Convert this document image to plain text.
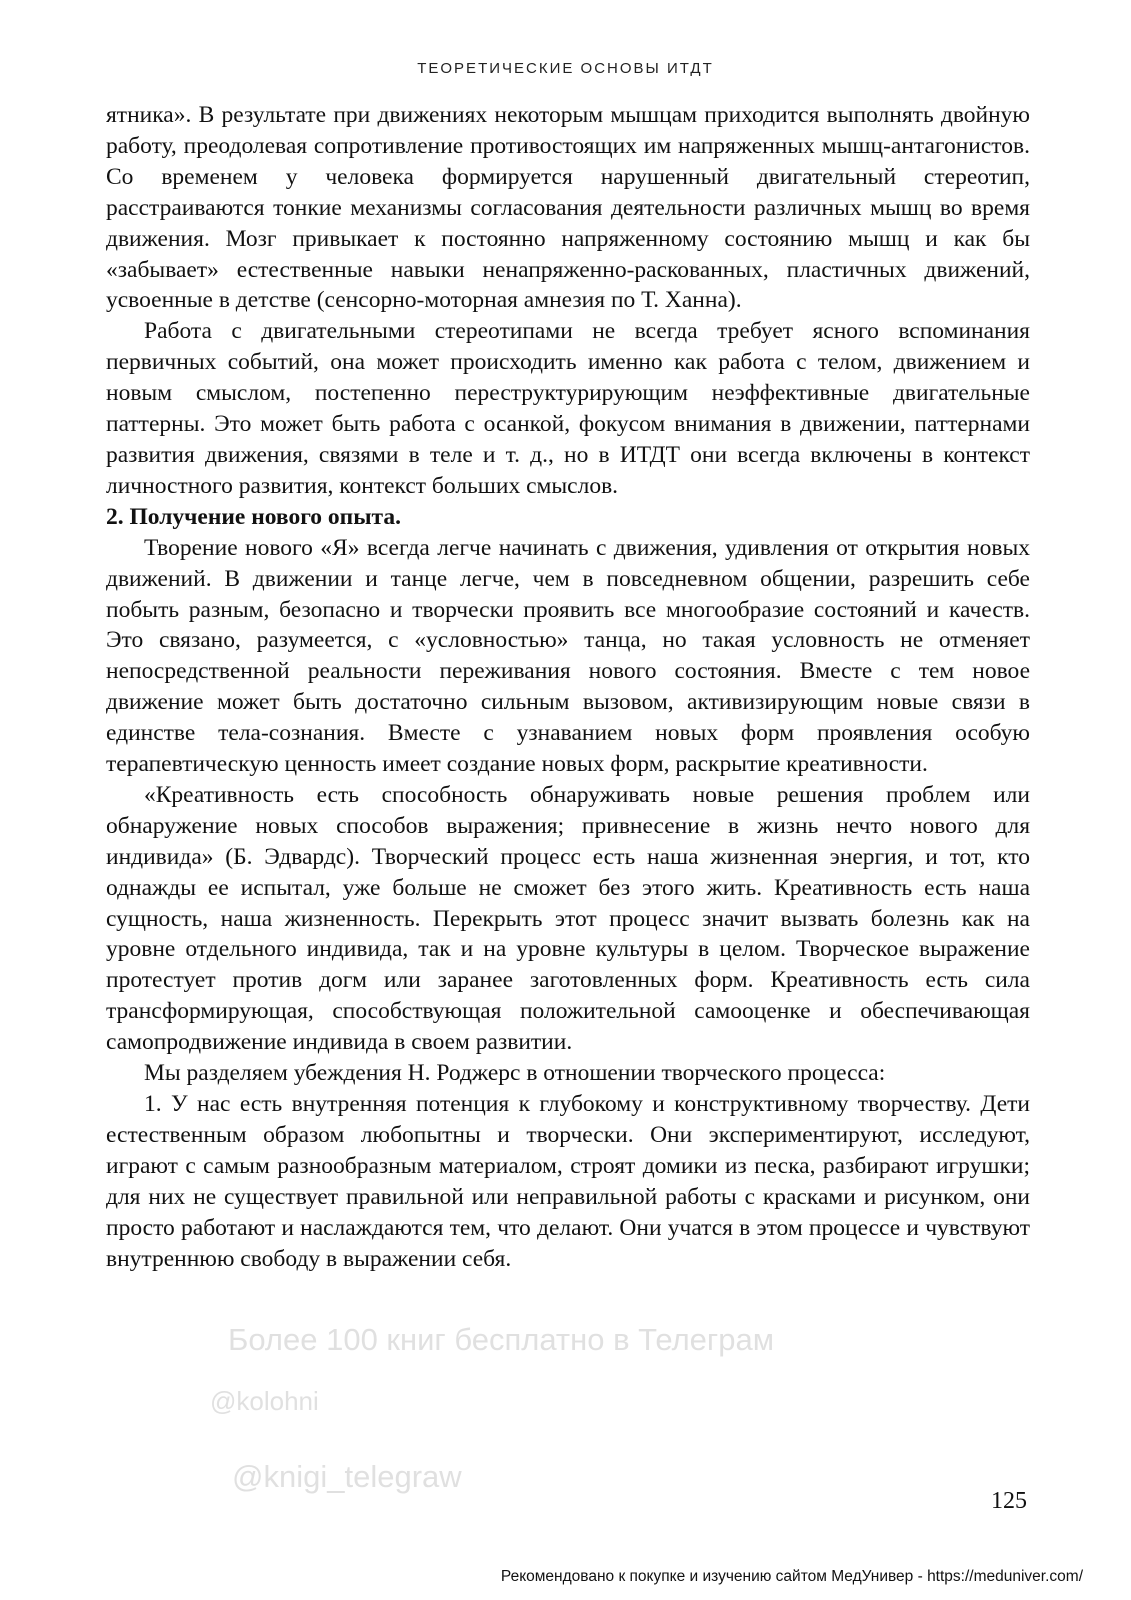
ТЕОРЕТИЧЕСКИЕ ОСНОВЫ ИТДТ

ятника». В результате при движениях некоторым мышцам приходится выполнять двойную работу, преодолевая сопротивление противостоящих им напряженных мышц-антагонистов. Со временем у человека формируется нарушенный двигательный стереотип, расстраиваются тонкие механизмы согласования деятельности различных мышц во время движения. Мозг привыкает к постоянно напряженному состоянию мышц и как бы «забывает» естественные навыки ненапряженно-раскованных, пластичных движений, усвоенные в детстве (сенсорно-моторная амнезия по Т. Ханна).

Работа с двигательными стереотипами не всегда требует ясного вспоминания первичных событий, она может происходить именно как работа с телом, движением и новым смыслом, постепенно переструктурирующим неэффективные двигательные паттерны. Это может быть работа с осанкой, фокусом внимания в движении, паттернами развития движения, связями в теле и т. д., но в ИТДТ они всегда включены в контекст личностного развития, контекст больших смыслов.

2. Получение нового опыта.

Творение нового «Я» всегда легче начинать с движения, удивления от открытия новых движений. В движении и танце легче, чем в повседневном общении, разрешить себе побыть разным, безопасно и творчески проявить все многообразие состояний и качеств. Это связано, разумеется, с «условностью» танца, но такая условность не отменяет непосредственной реальности переживания нового состояния. Вместе с тем новое движение может быть достаточно сильным вызовом, активизирующим новые связи в единстве тела-сознания. Вместе с узнаванием новых форм проявления особую терапевтическую ценность имеет создание новых форм, раскрытие креативности.

«Креативность есть способность обнаруживать новые решения проблем или обнаружение новых способов выражения; привнесение в жизнь нечто нового для индивида» (Б. Эдвардс). Творческий процесс есть наша жизненная энергия, и тот, кто однажды ее испытал, уже больше не сможет без этого жить. Креативность есть наша сущность, наша жизненность. Перекрыть этот процесс значит вызвать болезнь как на уровне отдельного индивида, так и на уровне культуры в целом. Творческое выражение протестует против догм или заранее заготовленных форм. Креативность есть сила трансформирующая, способствующая положительной самооценке и обеспечивающая самопродвижение индивида в своем развитии.

Мы разделяем убеждения Н. Роджерс в отношении творческого процесса:

1. У нас есть внутренняя потенция к глубокому и конструктивному творчеству. Дети естественным образом любопытны и творчески. Они экспериментируют, исследуют, играют с самым разнообразным материалом, строят домики из песка, разбирают игрушки; для них не существует правильной или неправильной работы с красками и рисунком, они просто работают и наслаждаются тем, что делают. Они учатся в этом процессе и чувствуют внутреннюю свободу в выражении себя.

Более 100 книг бесплатно в Телеграм
@kolohni
@knigi_telegraw
125
Рекомендовано к покупке и изучению сайтом МедУнивер - https://meduniver.com/
